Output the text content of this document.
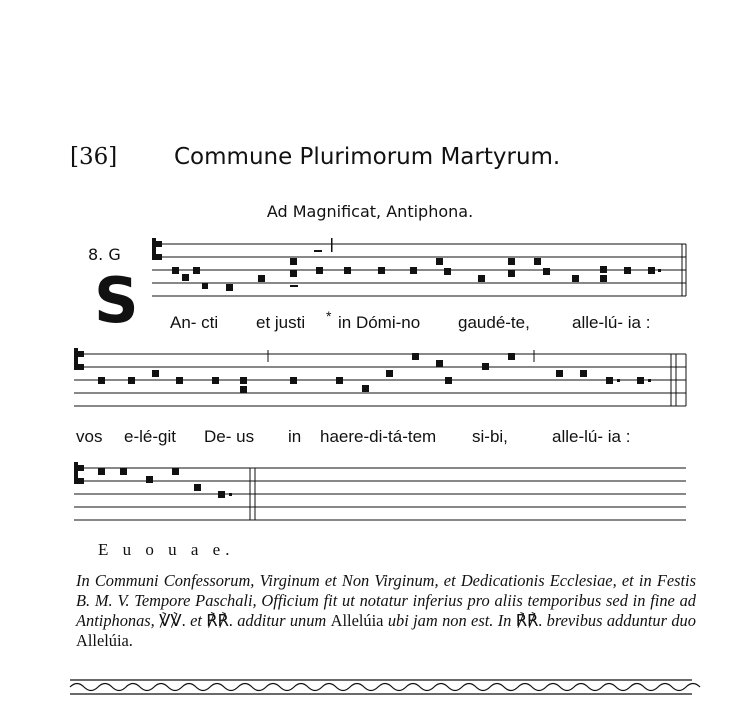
[36] Commune Plurimorum Martyrum.
Ad Magnificat, Antiphona.
8. G
S An- cti et justi * in Dómi-no gaudé-te, alle-lú- ia :
vos e-lé-git De- us in haere-di-tá-tem si-bi,	alle-lú- ia :
E u o u a e.
In Communi Confessorum, Virginum et Non Virginum, et Dedicationis Ecclesiae, et in Festis B. M. V. Tempore Paschali, Officium fit ut notatur inferius pro aliis temporibus sed in fine ad Antiphonas, ℣℣. et ℟℟. additur unum Allelúia ubi jam non est. In ℟℟. brevibus adduntur duo Allelúia.
